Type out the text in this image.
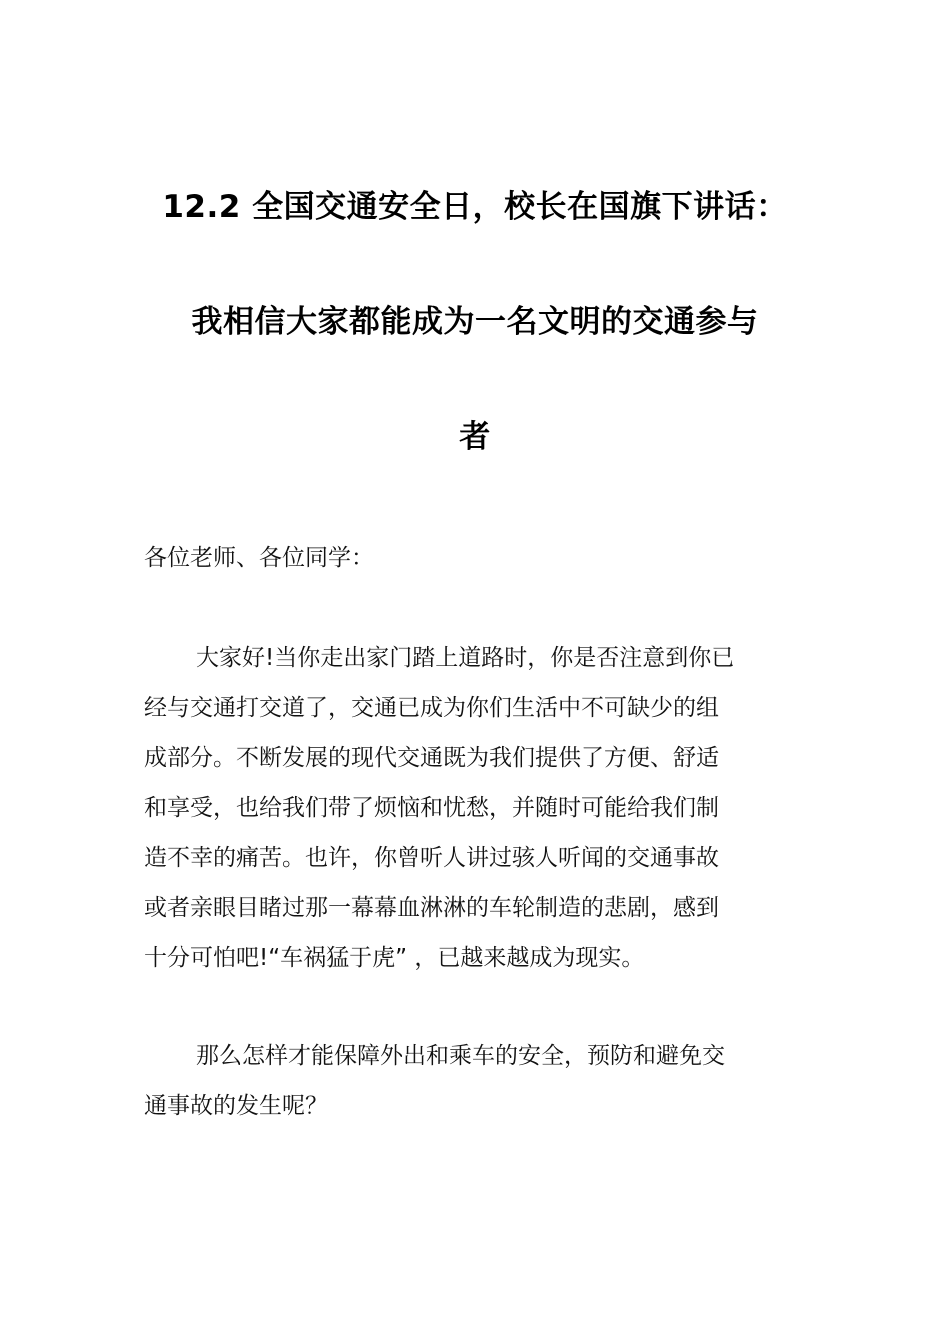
12.2 全国交通安全日，校长在国旗下讲话：
我相信大家都能成为一名文明的交通参与
者

各位老师、各位同学：

大家好!当你走出家门踏上道路时，你是否注意到你已
经与交通打交道了，交通已成为你们生活中不可缺少的组
成部分。不断发展的现代交通既为我们提供了方便、舒适
和享受，也给我们带了烦恼和忧愁，并随时可能给我们制
造不幸的痛苦。也许，你曾听人讲过骇人听闻的交通事故
或者亲眼目睹过那一幕幕血淋淋的车轮制造的悲剧，感到
十分可怕吧!“车祸猛于虎” ，已越来越成为现实。

那么怎样才能保障外出和乘车的安全，预防和避免交
通事故的发生呢？
